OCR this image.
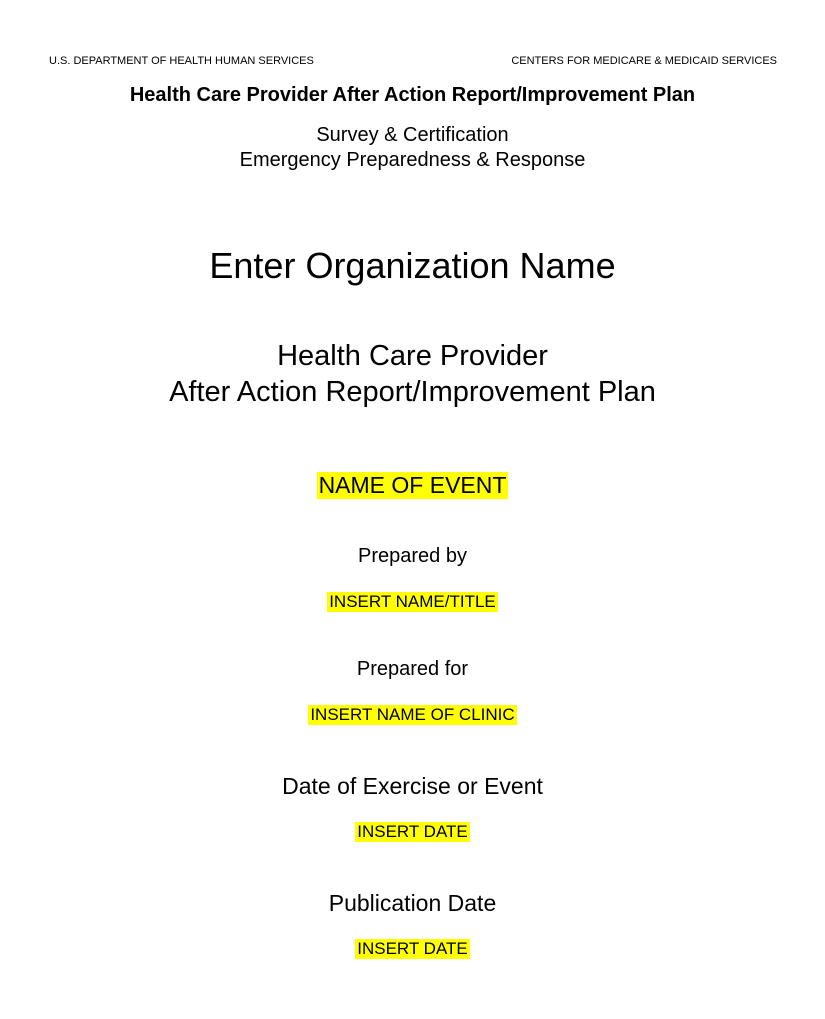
U.S. DEPARTMENT OF HEALTH HUMAN SERVICES	CENTERS FOR MEDICARE & MEDICAID SERVICES
Health Care Provider After Action Report/Improvement Plan
Survey & Certification
Emergency Preparedness & Response
Enter Organization Name
Health Care Provider
After Action Report/Improvement Plan
NAME OF EVENT
Prepared by
INSERT NAME/TITLE
Prepared for
INSERT NAME OF CLINIC
Date of Exercise or Event
INSERT DATE
Publication Date
INSERT DATE
